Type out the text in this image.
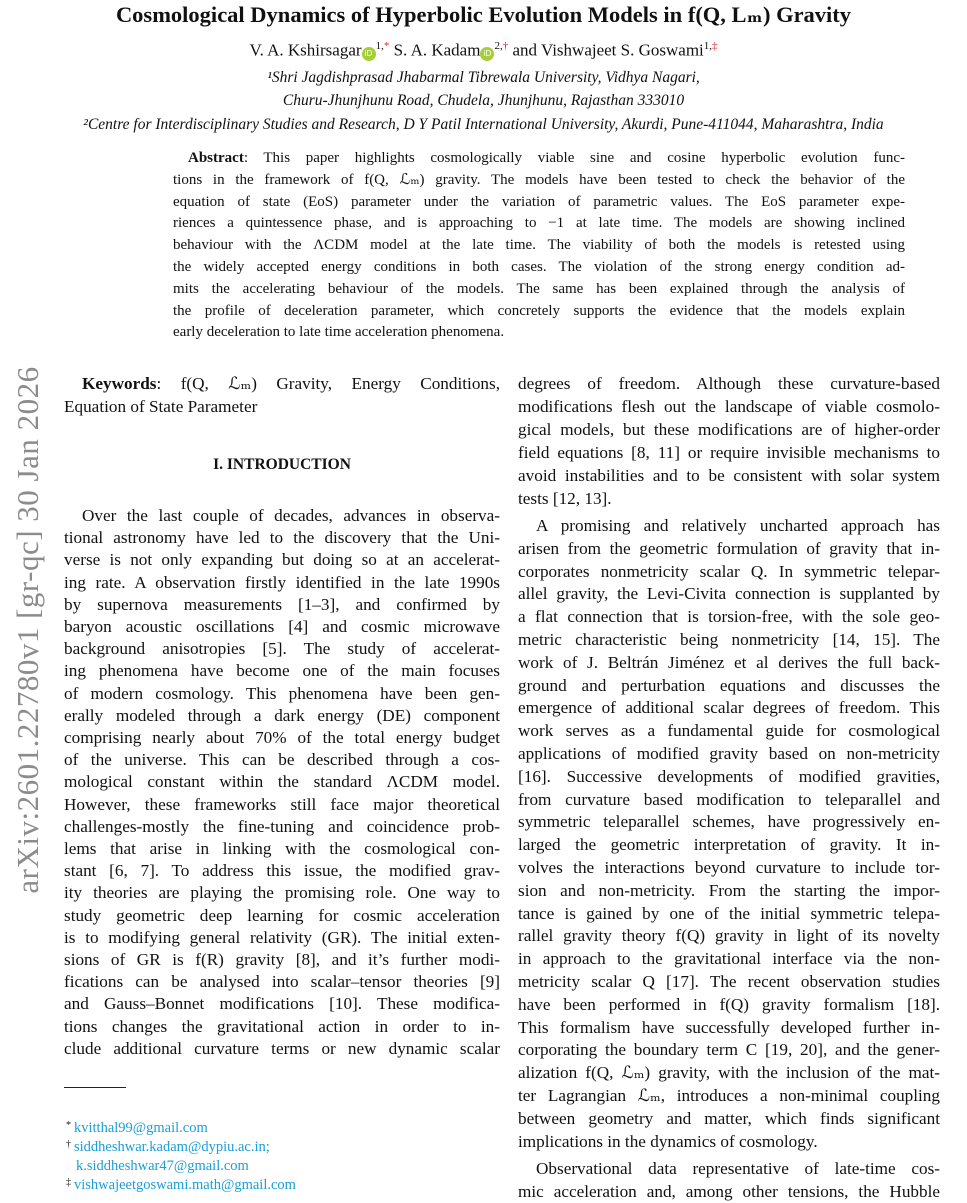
arXiv:2601.22780v1 [gr-qc] 30 Jan 2026
Cosmological Dynamics of Hyperbolic Evolution Models in f(Q, Lₘ) Gravity
V. A. Kshirsagar $iD^{1,*}$ S. A. Kadam $iD^{2,\dagger}$ and Vishwajeet S. Goswami$^{1,\ddagger}$
¹Shri Jagdishprasad Jhabarmal Tibrewala University, Vidhya Nagari,
Churu-Jhunjhunu Road, Chudela, Jhunjhunu, Rajasthan 333010
²Centre for Interdisciplinary Studies and Research, D Y Patil International University, Akurdi, Pune-411044, Maharashtra, India
Abstract: This paper highlights cosmologically viable sine and cosine hyperbolic evolution func-
tions in the framework of f(Q, ℒₘ) gravity. The models have been tested to check the behavior of the
equation of state (EoS) parameter under the variation of parametric values. The EoS parameter expe-
riences a quintessence phase, and is approaching to −1 at late time. The models are showing inclined
behaviour with the ΛCDM model at the late time. The viability of both the models is retested using
the widely accepted energy conditions in both cases. The violation of the strong energy condition ad-
mits the accelerating behaviour of the models. The same has been explained through the analysis of
the profile of deceleration parameter, which concretely supports the evidence that the models explain
early deceleration to late time acceleration phenomena.
Keywords: f(Q, ℒₘ) Gravity, Energy Conditions,
Equation of State Parameter
I. INTRODUCTION
Over the last couple of decades, advances in observa-
tional astronomy have led to the discovery that the Uni-
verse is not only expanding but doing so at an accelerat-
ing rate. A observation firstly identified in the late 1990s
by supernova measurements [1–3], and confirmed by
baryon acoustic oscillations [4] and cosmic microwave
background anisotropies [5]. The study of accelerat-
ing phenomena have become one of the main focuses
of modern cosmology. This phenomena have been gen-
erally modeled through a dark energy (DE) component
comprising nearly about 70% of the total energy budget
of the universe. This can be described through a cos-
mological constant within the standard ΛCDM model.
However, these frameworks still face major theoretical
challenges-mostly the fine-tuning and coincidence prob-
lems that arise in linking with the cosmological con-
stant [6, 7]. To address this issue, the modified grav-
ity theories are playing the promising role. One way to
study geometric deep learning for cosmic acceleration
is to modifying general relativity (GR). The initial exten-
sions of GR is f(R) gravity [8], and it’s further modi-
fications can be analysed into scalar–tensor theories [9]
and Gauss–Bonnet modifications [10]. These modifica-
tions changes the gravitational action in order to in-
clude additional curvature terms or new dynamic scalar
degrees of freedom. Although these curvature-based
modifications flesh out the landscape of viable cosmolo-
gical models, but these modifications are of higher-order
field equations [8, 11] or require invisible mechanisms to
avoid instabilities and to be consistent with solar system
tests [12, 13].
A promising and relatively uncharted approach has
arisen from the geometric formulation of gravity that in-
corporates nonmetricity scalar Q. In symmetric telepar-
allel gravity, the Levi-Civita connection is supplanted by
a flat connection that is torsion-free, with the sole geo-
metric characteristic being nonmetricity [14, 15]. The
work of J. Beltrán Jiménez et al derives the full back-
ground and perturbation equations and discusses the
emergence of additional scalar degrees of freedom. This
work serves as a fundamental guide for cosmological
applications of modified gravity based on non-metricity
[16]. Successive developments of modified gravities,
from curvature based modification to teleparallel and
symmetric teleparallel schemes, have progressively en-
larged the geometric interpretation of gravity. It in-
volves the interactions beyond curvature to include tor-
sion and non-metricity. From the starting the impor-
tance is gained by one of the initial symmetric telepa-
rallel gravity theory f(Q) gravity in light of its novelty
in approach to the gravitational interface via the non-
metricity scalar Q [17]. The recent observation studies
have been performed in f(Q) gravity formalism [18].
This formalism have successfully developed further in-
corporating the boundary term C [19, 20], and the gener-
alization f(Q, ℒₘ) gravity, with the inclusion of the mat-
ter Lagrangian ℒₘ, introduces a non-minimal coupling
between geometry and matter, which finds significant
implications in the dynamics of cosmology.
Observational data representative of late-time cos-
mic acceleration and, among other tensions, the Hubble
* kvitthal99@gmail.com
† siddheshwar.kadam@dypiu.ac.in;
k.siddheshwar47@gmail.com
‡ vishwajeetgoswami.math@gmail.com
